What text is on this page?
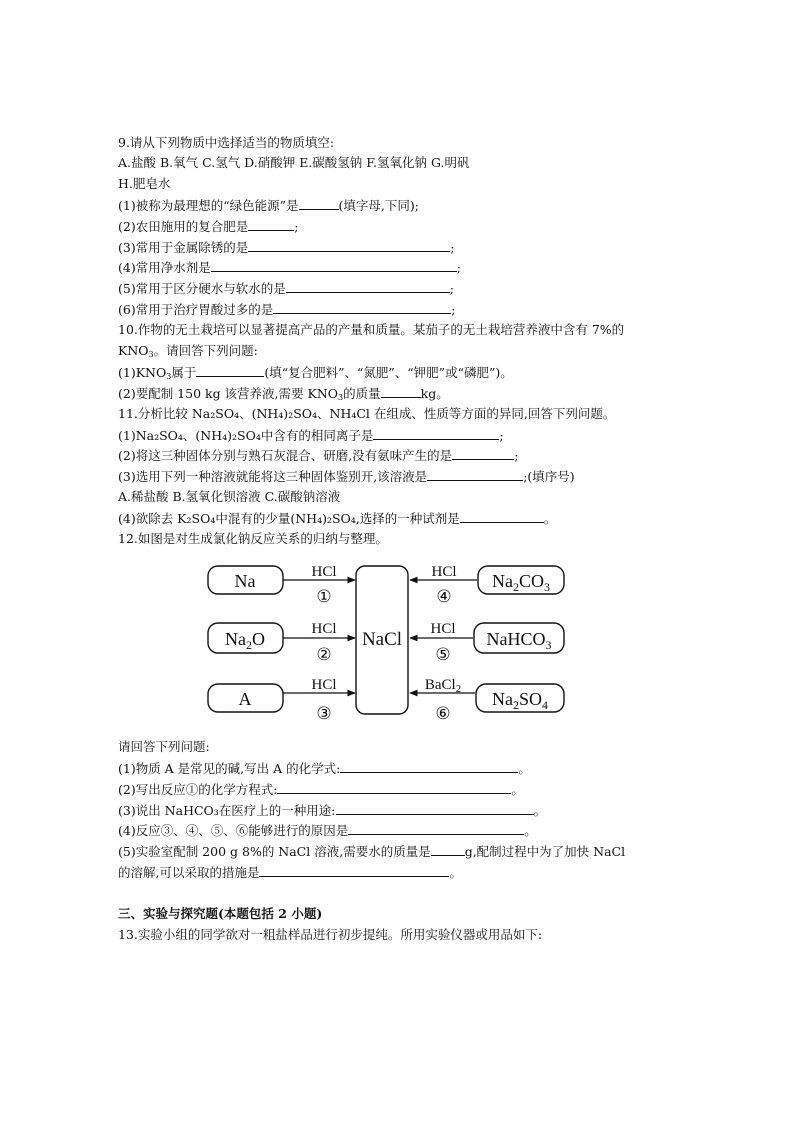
9.请从下列物质中选择适当的物质填空:
A.盐酸 B.氧气 C.氢气 D.硝酸钾 E.碳酸氢钠 F.氢氧化钠 G.明矾
H.肥皂水
(1)被称为最理想的“绿色能源”是	(填字母,下同);
(2)农田施用的复合肥是	;
(3)常用于金属除锈的是	;
(4)常用净水剂是	;
(5)常用于区分硬水与软水的是	;
(6)常用于治疗胃酸过多的是	;
10.作物的无土栽培可以显著提高产品的产量和质量。某茄子的无土栽培营养液中含有 7%的
$KNO_3$。请回答下列问题:
$(1)KNO_3$属于	(填“复合肥料”、“氮肥”、“钾肥”或“磷肥”)。
(2)要配制 150 kg 该营养液,需要 $KNO_3$的质量	kg。
11.分析比较 Na₂SO₄、(NH₄)₂SO₄、NH₄Cl 在组成、性质等方面的异同,回答下列问题。
(1)Na₂SO₄、(NH₄)₂SO₄中含有的相同离子是	;
(2)将这三种固体分别与熟石灰混合、研磨,没有氨味产生的是	;
(3)选用下列一种溶液就能将这三种固体鉴别开,该溶液是	;(填序号)
A.稀盐酸 B.氢氧化钡溶液 C.碳酸钠溶液
(4)欲除去 K₂SO₄中混有的少量(NH₄)₂SO₄,选择的一种试剂是	。
12.如图是对生成氯化钠反应关系的归纳与整理。
NaCl
Na	HCl
①
$Na_2O$	HCl
②
A
HCl
③
$Na_2CO_3$
HCl
④
NaHCO$_3$
HCl
⑤
$Na_2SO_4$
BaCl$_2$
⑥
请回答下列问题:
(1)物质 A 是常见的碱,写出 A 的化学式:	。
(2)写出反应①的化学方程式:	。
(3)说出 NaHCO₃在医疗上的一种用途:	。
(4)反应③、④、⑤、⑥能够进行的原因是	。
(5)实验室配制 200 g 8%的 NaCl 溶液,需要水的质量是	g,配制过程中为了加快 NaCl
的溶解,可以采取的措施是	。
三、实验与探究题(本题包括 2 小题)
13.实验小组的同学欲对一粗盐样品进行初步提纯。所用实验仪器或用品如下:
